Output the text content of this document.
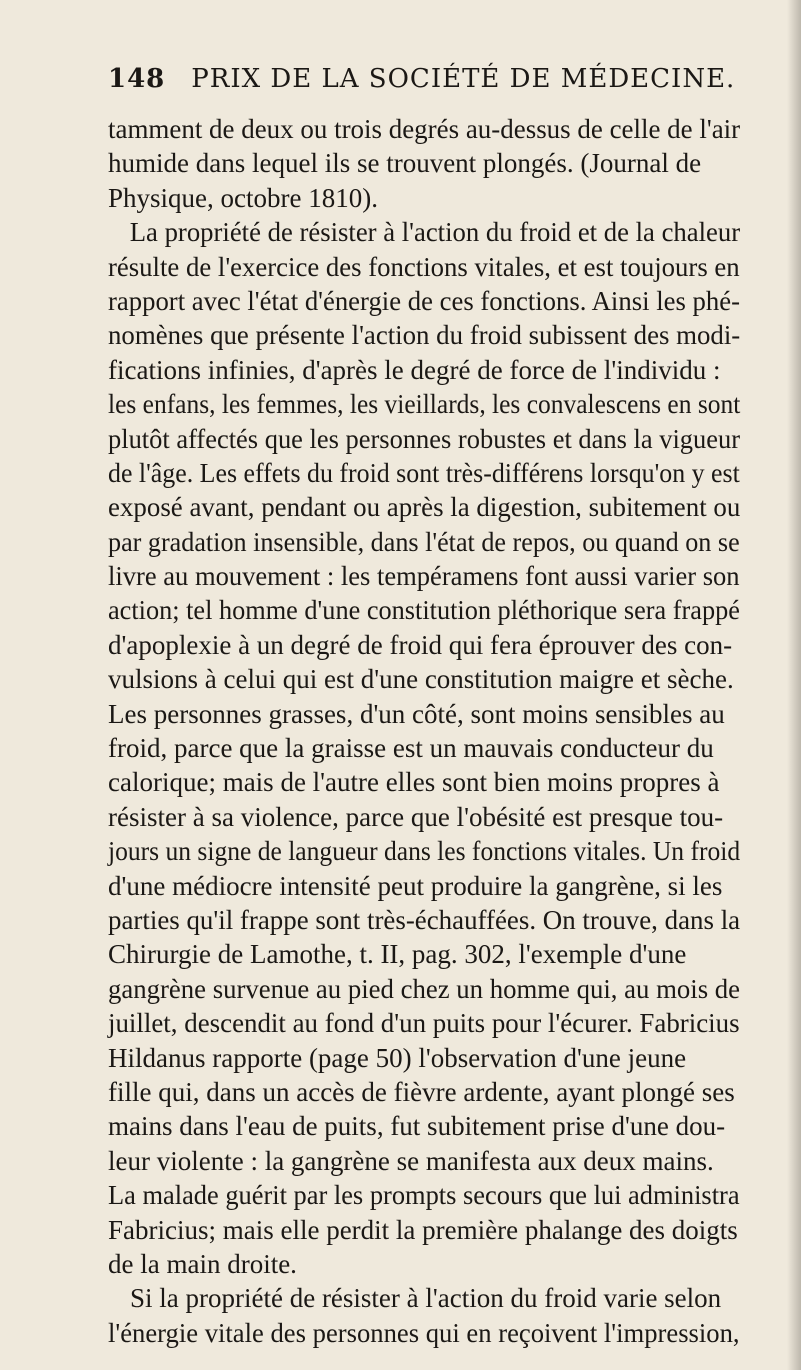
148 PRIX DE LA SOCIÉTÉ DE MÉDECINE.
tamment de deux ou trois degrés au-dessus de celle de l'air
humide dans lequel ils se trouvent plongés. (Journal de
Physique, octobre 1810).
La propriété de résister à l'action du froid et de la chaleur
résulte de l'exercice des fonctions vitales, et est toujours en
rapport avec l'état d'énergie de ces fonctions. Ainsi les phé-
nomènes que présente l'action du froid subissent des modi-
fications infinies, d'après le degré de force de l'individu :
les enfans, les femmes, les vieillards, les convalescens en sont
plutôt affectés que les personnes robustes et dans la vigueur
de l'âge. Les effets du froid sont très-différens lorsqu'on y est
exposé avant, pendant ou après la digestion, subitement ou
par gradation insensible, dans l'état de repos, ou quand on se
livre au mouvement : les tempéramens font aussi varier son
action; tel homme d'une constitution pléthorique sera frappé
d'apoplexie à un degré de froid qui fera éprouver des con-
vulsions à celui qui est d'une constitution maigre et sèche.
Les personnes grasses, d'un côté, sont moins sensibles au
froid, parce que la graisse est un mauvais conducteur du
calorique; mais de l'autre elles sont bien moins propres à
résister à sa violence, parce que l'obésité est presque tou-
jours un signe de langueur dans les fonctions vitales. Un froid
d'une médiocre intensité peut produire la gangrène, si les
parties qu'il frappe sont très-échauffées. On trouve, dans la
Chirurgie de Lamothe, t. II, pag. 302, l'exemple d'une
gangrène survenue au pied chez un homme qui, au mois de
juillet, descendit au fond d'un puits pour l'écurer. Fabricius
Hildanus rapporte (page 50) l'observation d'une jeune
fille qui, dans un accès de fièvre ardente, ayant plongé ses
mains dans l'eau de puits, fut subitement prise d'une dou-
leur violente : la gangrène se manifesta aux deux mains.
La malade guérit par les prompts secours que lui administra
Fabricius; mais elle perdit la première phalange des doigts
de la main droite.
Si la propriété de résister à l'action du froid varie selon
l'énergie vitale des personnes qui en reçoivent l'impression,
